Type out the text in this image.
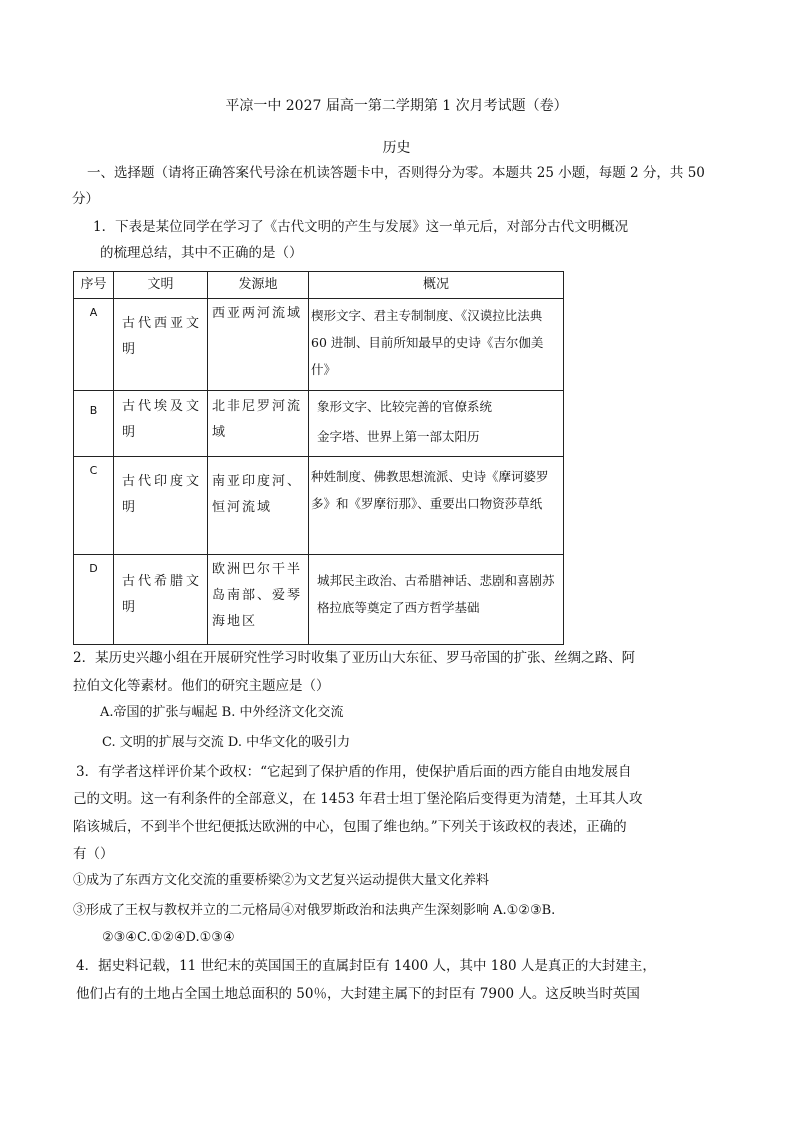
平凉一中 2027 届高一第二学期第 1 次月考试题（卷）
历史
一、选择题（请将正确答案代号涂在机读答题卡中，否则得分为零。本题共 25 小题，每题 2 分，共 50
分）
1．下表是某位同学在学习了《古代文明的产生与发展》这一单元后，对部分古代文明概况
的梳理总结，其中不正确的是（）
序号	文明	发源地	概况
A	古代西亚文明	西亚两河流域	楔形文字、君主专制制度、《汉谟拉比法典 60 进制、目前所知最早的史诗《吉尔伽美什》
B	古代埃及文明	北非尼罗河流域	象形文字、比较完善的官僚系统
金字塔、世界上第一部太阳历

C	古代印度文明	南亚印度河、恒河流域	种姓制度、佛教思想流派、史诗《摩诃婆罗多》和《罗摩衍那》、重要出口物资莎草纸
D	古代希腊文明	欧洲巴尔干半岛南部、爱琴海地区	城邦民主政治、古希腊神话、悲剧和喜剧苏格拉底等奠定了西方哲学基础
2．某历史兴趣小组在开展研究性学习时收集了亚历山大东征、罗马帝国的扩张、丝绸之路、阿
拉伯文化等素材。他们的研究主题应是（）
A.帝国的扩张与崛起 B. 中外经济文化交流
C. 文明的扩展与交流 D. 中华文化的吸引力
3．有学者这样评价某个政权：“它起到了保护盾的作用，使保护盾后面的西方能自由地发展自
己的文明。这一有利条件的全部意义，在 1453 年君士坦丁堡沦陷后变得更为清楚，土耳其人攻
陷该城后，不到半个世纪便抵达欧洲的中心，包围了维也纳。”下列关于该政权的表述，正确的
有（）
①成为了东西方文化交流的重要桥梁②为文艺复兴运动提供大量文化养料
③形成了王权与教权并立的二元格局④对俄罗斯政治和法典产生深刻影响 A.①②③B.
②③④C.①②④D.①③④
4．据史料记载，11 世纪末的英国国王的直属封臣有 1400 人，其中 180 人是真正的大封建主，
他们占有的土地占全国土地总面积的 50％，大封建主属下的封臣有 7900 人。这反映当时英国
